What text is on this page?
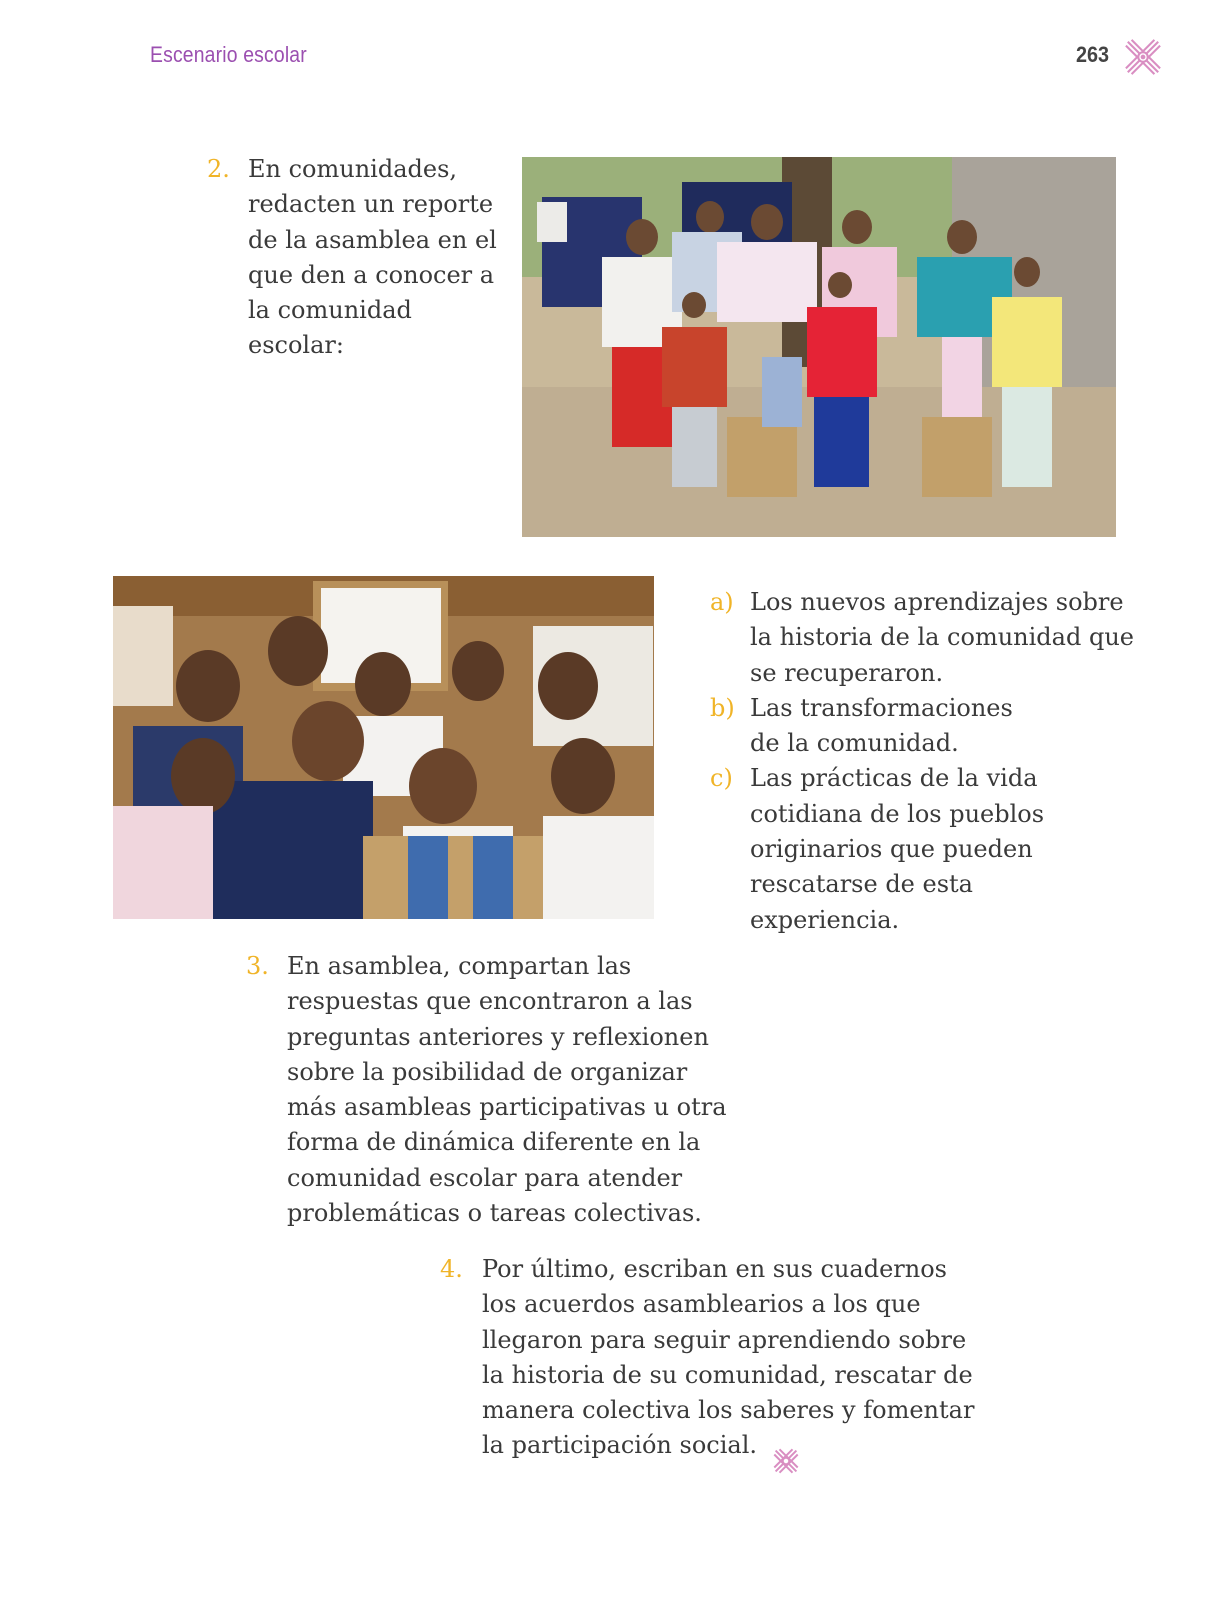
Escenario escolar	263
2. En comunidades, redacten un reporte de la asamblea en el que den a conocer a la comunidad escolar:

a) Los nuevos aprendizajes sobre la historia de la comunidad que se recuperaron.
b) Las transformaciones de la comunidad.
c) Las prácticas de la vida cotidiana de los pueblos originarios que pueden rescatarse de esta experiencia.
3. En asamblea, compartan las respuestas que encontraron a las preguntas anteriores y reflexionen sobre la posibilidad de organizar más asambleas participativas u otra forma de dinámica diferente en la comunidad escolar para atender problemáticas o tareas colectivas.

4. Por último, escriban en sus cuadernos los acuerdos asamblearios a los que llegaron para seguir aprendiendo sobre la historia de su comunidad, rescatar de manera colectiva los saberes y fomentar la participación social.
